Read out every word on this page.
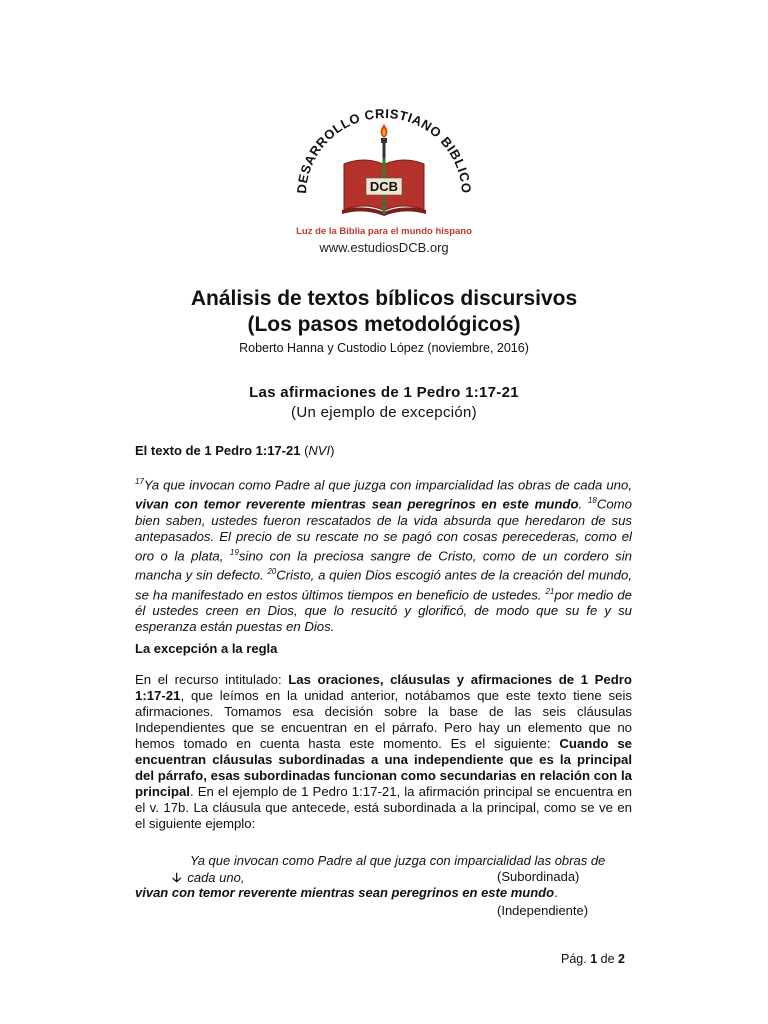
DESARROLLO CRISTIANO BIBLICO
DCB
Luz de la Biblia para el mundo hispano
www.estudiosDCB.org
Análisis de textos bíblicos discursivos
(Los pasos metodológicos)
Roberto Hanna y Custodio López (noviembre, 2016)
Las afirmaciones de 1 Pedro 1:17-21
(Un ejemplo de excepción)
El texto de 1 Pedro 1:17-21 (NVI)
$^{17}$Ya que invocan como Padre al que juzga con imparcialidad las obras de cada uno, vivan con temor reverente mientras sean peregrinos en este mundo. $^{18}$Como bien saben, ustedes fueron rescatados de la vida absurda que heredaron de sus antepasados. El precio de su rescate no se pagó con cosas perecederas, como el oro o la plata, $^{19}$sino con la preciosa sangre de Cristo, como de un cordero sin mancha y sin defecto. $^{20}$Cristo, a quien Dios escogió antes de la creación del mundo, se ha manifestado en estos últimos tiempos en beneficio de ustedes. $^{21}$por medio de él ustedes creen en Dios, que lo resucitó y glorificó, de modo que su fe y su esperanza están puestas en Dios.
La excepción a la regla
En el recurso intitulado: Las oraciones, cláusulas y afirmaciones de 1 Pedro 1:17-21, que leímos en la unidad anterior, notábamos que este texto tiene seis afirmaciones. Tomamos esa decisión sobre la base de las seis cláusulas Independientes que se encuentran en el párrafo. Pero hay un elemento que no hemos tomado en cuenta hasta este momento. Es el siguiente: Cuando se encuentran cláusulas subordinadas a una independiente que es la principal del párrafo, esas subordinadas funcionan como secundarias en relación con la principal. En el ejemplo de 1 Pedro 1:17-21, la afirmación principal se encuentra en el v. 17b. La cláusula que antecede, está subordinada a la principal, como se ve en el siguiente ejemplo:
Ya que invocan como Padre al que juzga con imparcialidad las obras de
🡣 cada uno,	(Subordinada)
vivan con temor reverente mientras sean peregrinos en este mundo.
(Independiente)
Pág. 1 de 2
